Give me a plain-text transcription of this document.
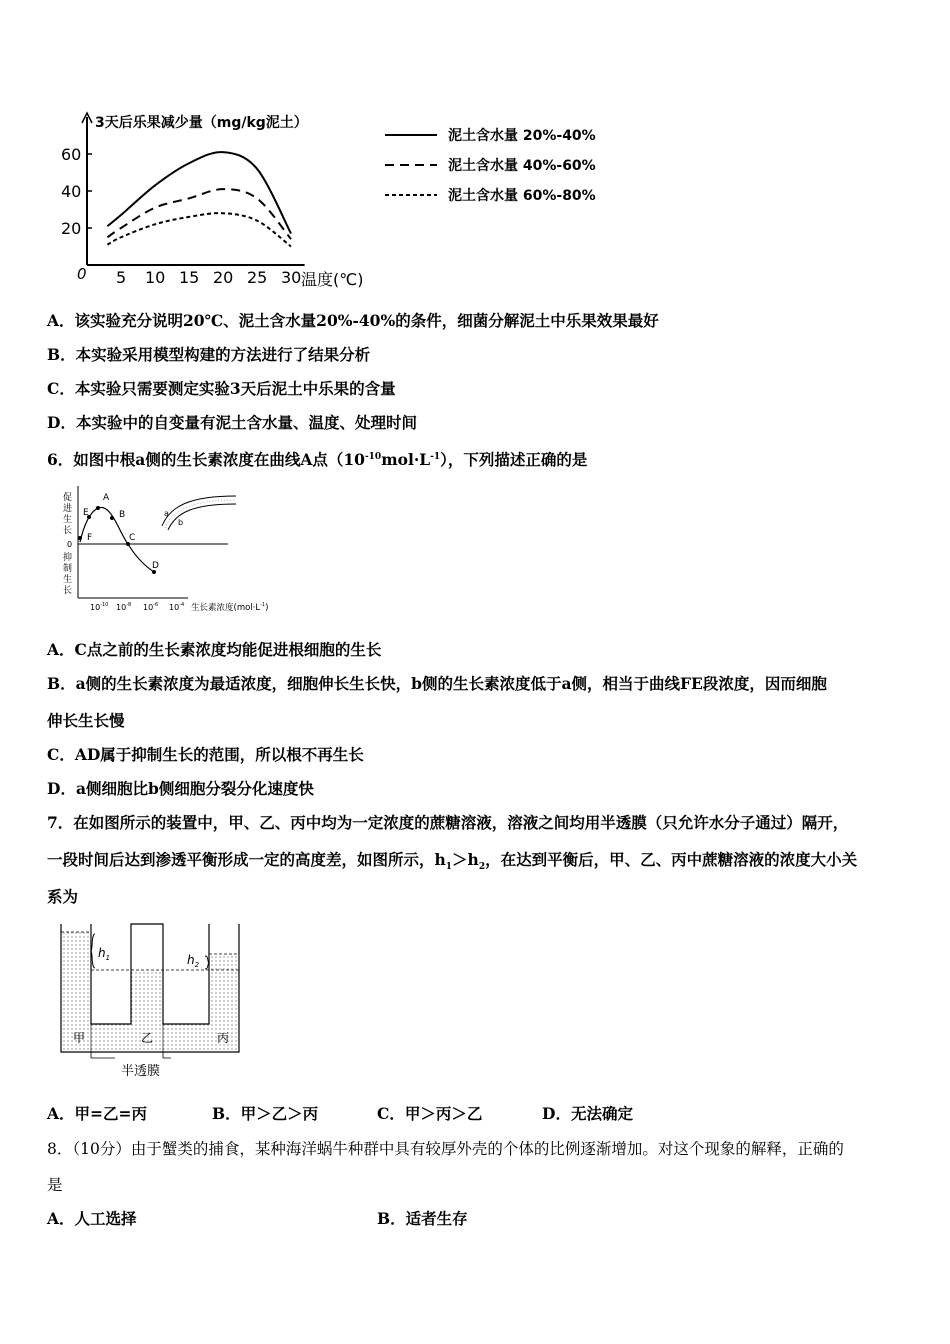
3天后乐果减少量（mg/kg泥土）
0
20
40
60
5 10 15 20 25 30 温度(℃)
泥土含水量 20%-40%
泥土含水量 40%-60%
泥土含水量 60%-80%
A．该实验充分说明20℃、泥土含水量20%-40%的条件，细菌分解泥土中乐果效果最好
B．本实验采用模型构建的方法进行了结果分析
C．本实验只需要测定实验3天后泥土中乐果的含量
D．本实验中的自变量有泥土含水量、温度、处理时间
6．如图中根a侧的生长素浓度在曲线A点$(10^{-10}mol\cdot L^{-1})$，下列描述正确的是
促
进
生
长
0
抑
制
生
长
A
B
C
D
E
F
$10^{-10}$ $10^{-8}$ $10^{-6}$ $10^{-4}$ 生长素浓度$(mol\cdot L^{-1})$
a
b
A．C点之前的生长素浓度均能促进根细胞的生长
B．a侧的生长素浓度为最适浓度，细胞伸长生长快，b侧的生长素浓度低于a侧，相当于曲线FE段浓度，因而细胞
伸长生长慢
C．AD属于抑制生长的范围，所以根不再生长
D．a侧细胞比b侧细胞分裂分化速度快
7．在如图所示的装置中，甲、乙、丙中均为一定浓度的蔗糖溶液，溶液之间均用半透膜（只允许水分子通过）隔开，
一段时间后达到渗透平衡形成一定的高度差，如图所示，$h_1>h_2$，在达到平衡后，甲、乙、丙中蔗糖溶液的浓度大小关
系为
$h_1$	$h_2$
甲	乙	丙
半透膜
A．甲=乙=丙	B．甲＞乙＞丙	C．甲＞丙＞乙	D．无法确定
8．（10分）由于蟹类的捕食，某种海洋蜗牛种群中具有较厚外壳的个体的比例逐渐增加。对这个现象的解释，正确的
是
A．人工选择	B．适者生存
